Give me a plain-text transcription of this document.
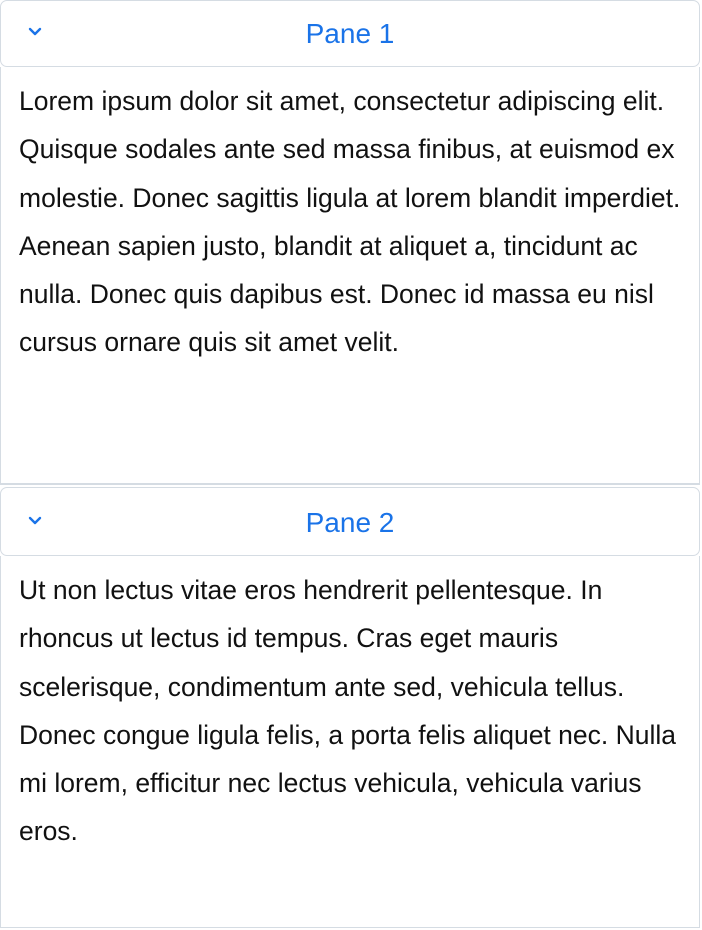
Pane 1
Lorem ipsum dolor sit amet, consectetur adipiscing elit. Quisque sodales ante sed massa finibus, at euismod ex molestie. Donec sagittis ligula at lorem blandit imperdiet. Aenean sapien justo, blandit at aliquet a, tincidunt ac nulla. Donec quis dapibus est. Donec id massa eu nisl cursus ornare quis sit amet velit.
Pane 2
Ut non lectus vitae eros hendrerit pellentesque. In rhoncus ut lectus id tempus. Cras eget mauris scelerisque, condimentum ante sed, vehicula tellus. Donec congue ligula felis, a porta felis aliquet nec. Nulla mi lorem, efficitur nec lectus vehicula, vehicula varius eros.
